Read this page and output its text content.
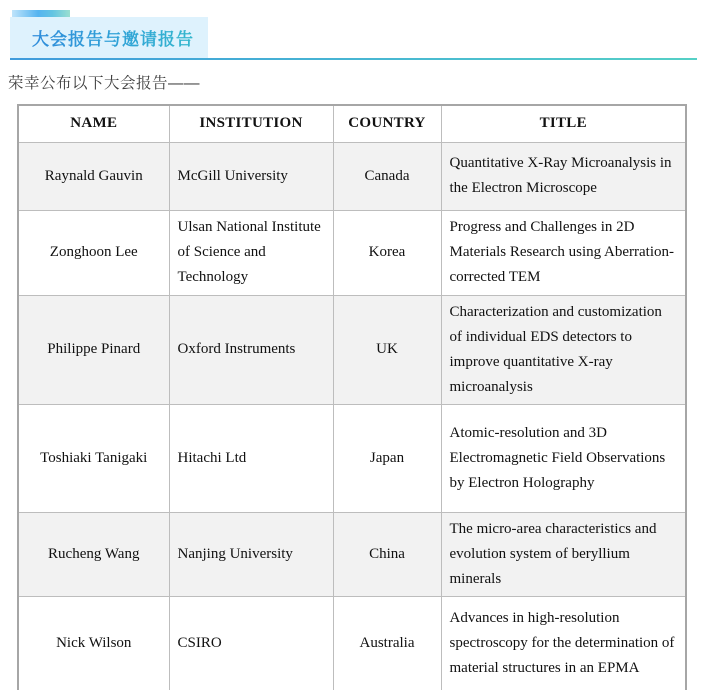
大会报告与邀请报告
荣幸公布以下大会报告——
NAME	INSTITUTION	COUNTRY	TITLE
Raynald Gauvin	McGill University	Canada	Quantitative X-Ray Microanalysis in the Electron Microscope
Zonghoon Lee	Ulsan National Institute of Science and Technology	Korea	Progress and Challenges in 2D Materials Research using Aberration-corrected TEM
Philippe Pinard	Oxford Instruments	UK	Characterization and customization of individual EDS detectors to improve quantitative X-ray microanalysis
Toshiaki Tanigaki	Hitachi Ltd	Japan	Atomic-resolution and 3D Electromagnetic Field Observations by Electron Holography
Rucheng Wang	Nanjing University	China	The micro-area characteristics and evolution system of beryllium minerals
Nick Wilson	CSIRO	Australia	Advances in high-resolution spectroscopy for the determination of material structures in an EPMA
